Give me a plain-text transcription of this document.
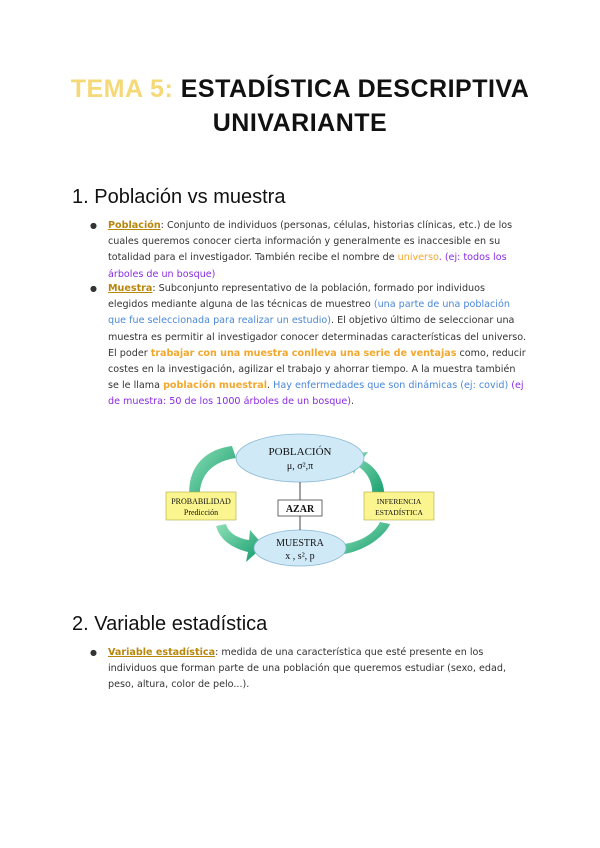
TEMA 5: ESTADÍSTICA DESCRIPTIVA
UNIVARIANTE
1. Población vs muestra
● Población: Conjunto de individuos (personas, células, historias clínicas, etc.) de los cuales queremos conocer cierta información y generalmente es inaccesible en su totalidad para el investigador. También recibe el nombre de universo. (ej: todos los árboles de un bosque)
● Muestra: Subconjunto representativo de la población, formado por individuos elegidos mediante alguna de las técnicas de muestreo (una parte de una población que fue seleccionada para realizar un estudio). El objetivo último de seleccionar una muestra es permitir al investigador conocer determinadas características del universo. El poder trabajar con una muestra conlleva una serie de ventajas como, reducir costes en la investigación, agilizar el trabajo y ahorrar tiempo. A la muestra también se le llama población muestral. Hay enfermedades que son dinámicas (ej: covid) (ej de muestra: 50 de los 1000 árboles de un bosque).
POBLACIÓN
μ, σ²,π
MUESTRA
x , s², p
AZAR
PROBABILIDAD
Predicción
INFERENCIA
ESTADÍSTICA
2. Variable estadística
● Variable estadística: medida de una característica que esté presente en los individuos que forman parte de una población que queremos estudiar (sexo, edad, peso, altura, color de pelo...).
